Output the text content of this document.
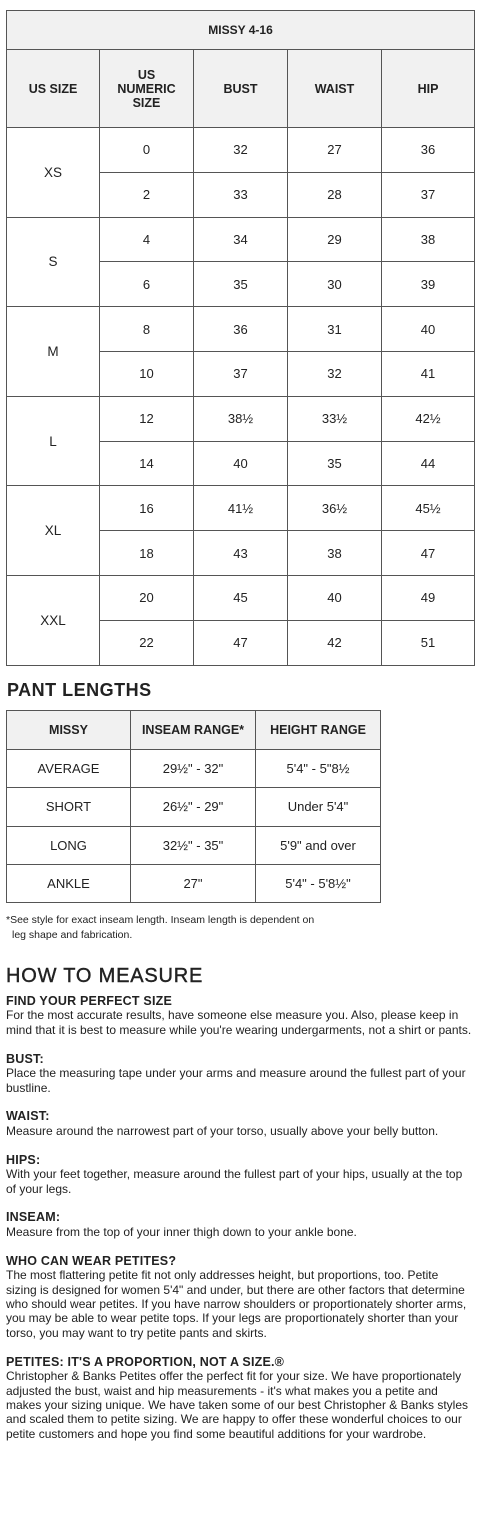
MISSY 4-16				
US SIZE	US NUMERIC SIZE	BUST	WAIST	HIP
XS	0	32	27	36
	2	33	28	37
S	4	34	29	38
	6	35	30	39
M	8	36	31	40
	10	37	32	41
L	12	38½	33½	42½
	14	40	35	44
XL	16	41½	36½	45½
	18	43	38	47
XXL	20	45	40	49
	22	47	42	51
PANT LENGTHS
MISSY	INSEAM RANGE*	HEIGHT RANGE
AVERAGE	29½" - 32"	5'4" - 5"8½
SHORT	26½" - 29"	Under 5'4"
LONG	32½" - 35"	5'9" and over
ANKLE	27"	5'4" - 5'8½"

*See style for exact inseam length. Inseam length is dependent on
leg shape and fabrication.

HOW TO MEASURE
FIND YOUR PERFECT SIZE
For the most accurate results, have someone else measure you. Also, please keep in mind that it is best to measure while you're wearing undergarments, not a shirt or pants.
BUST:
Place the measuring tape under your arms and measure around the fullest part of your bustline.
WAIST:
Measure around the narrowest part of your torso, usually above your belly button.
HIPS:
With your feet together, measure around the fullest part of your hips, usually at the top of your legs.
INSEAM:
Measure from the top of your inner thigh down to your ankle bone.
WHO CAN WEAR PETITES?
The most flattering petite fit not only addresses height, but proportions, too. Petite sizing is designed for women 5'4" and under, but there are other factors that determine who should wear petites. If you have narrow shoulders or proportionately shorter arms, you may be able to wear petite tops. If your legs are proportionately shorter than your torso, you may want to try petite pants and skirts.
PETITES: IT'S A PROPORTION, NOT A SIZE.®
Christopher & Banks Petites offer the perfect fit for your size. We have proportionately adjusted the bust, waist and hip measurements - it's what makes you a petite and makes your sizing unique. We have taken some of our best Christopher & Banks styles and scaled them to petite sizing. We are happy to offer these wonderful choices to our petite customers and hope you find some beautiful additions for your wardrobe.
